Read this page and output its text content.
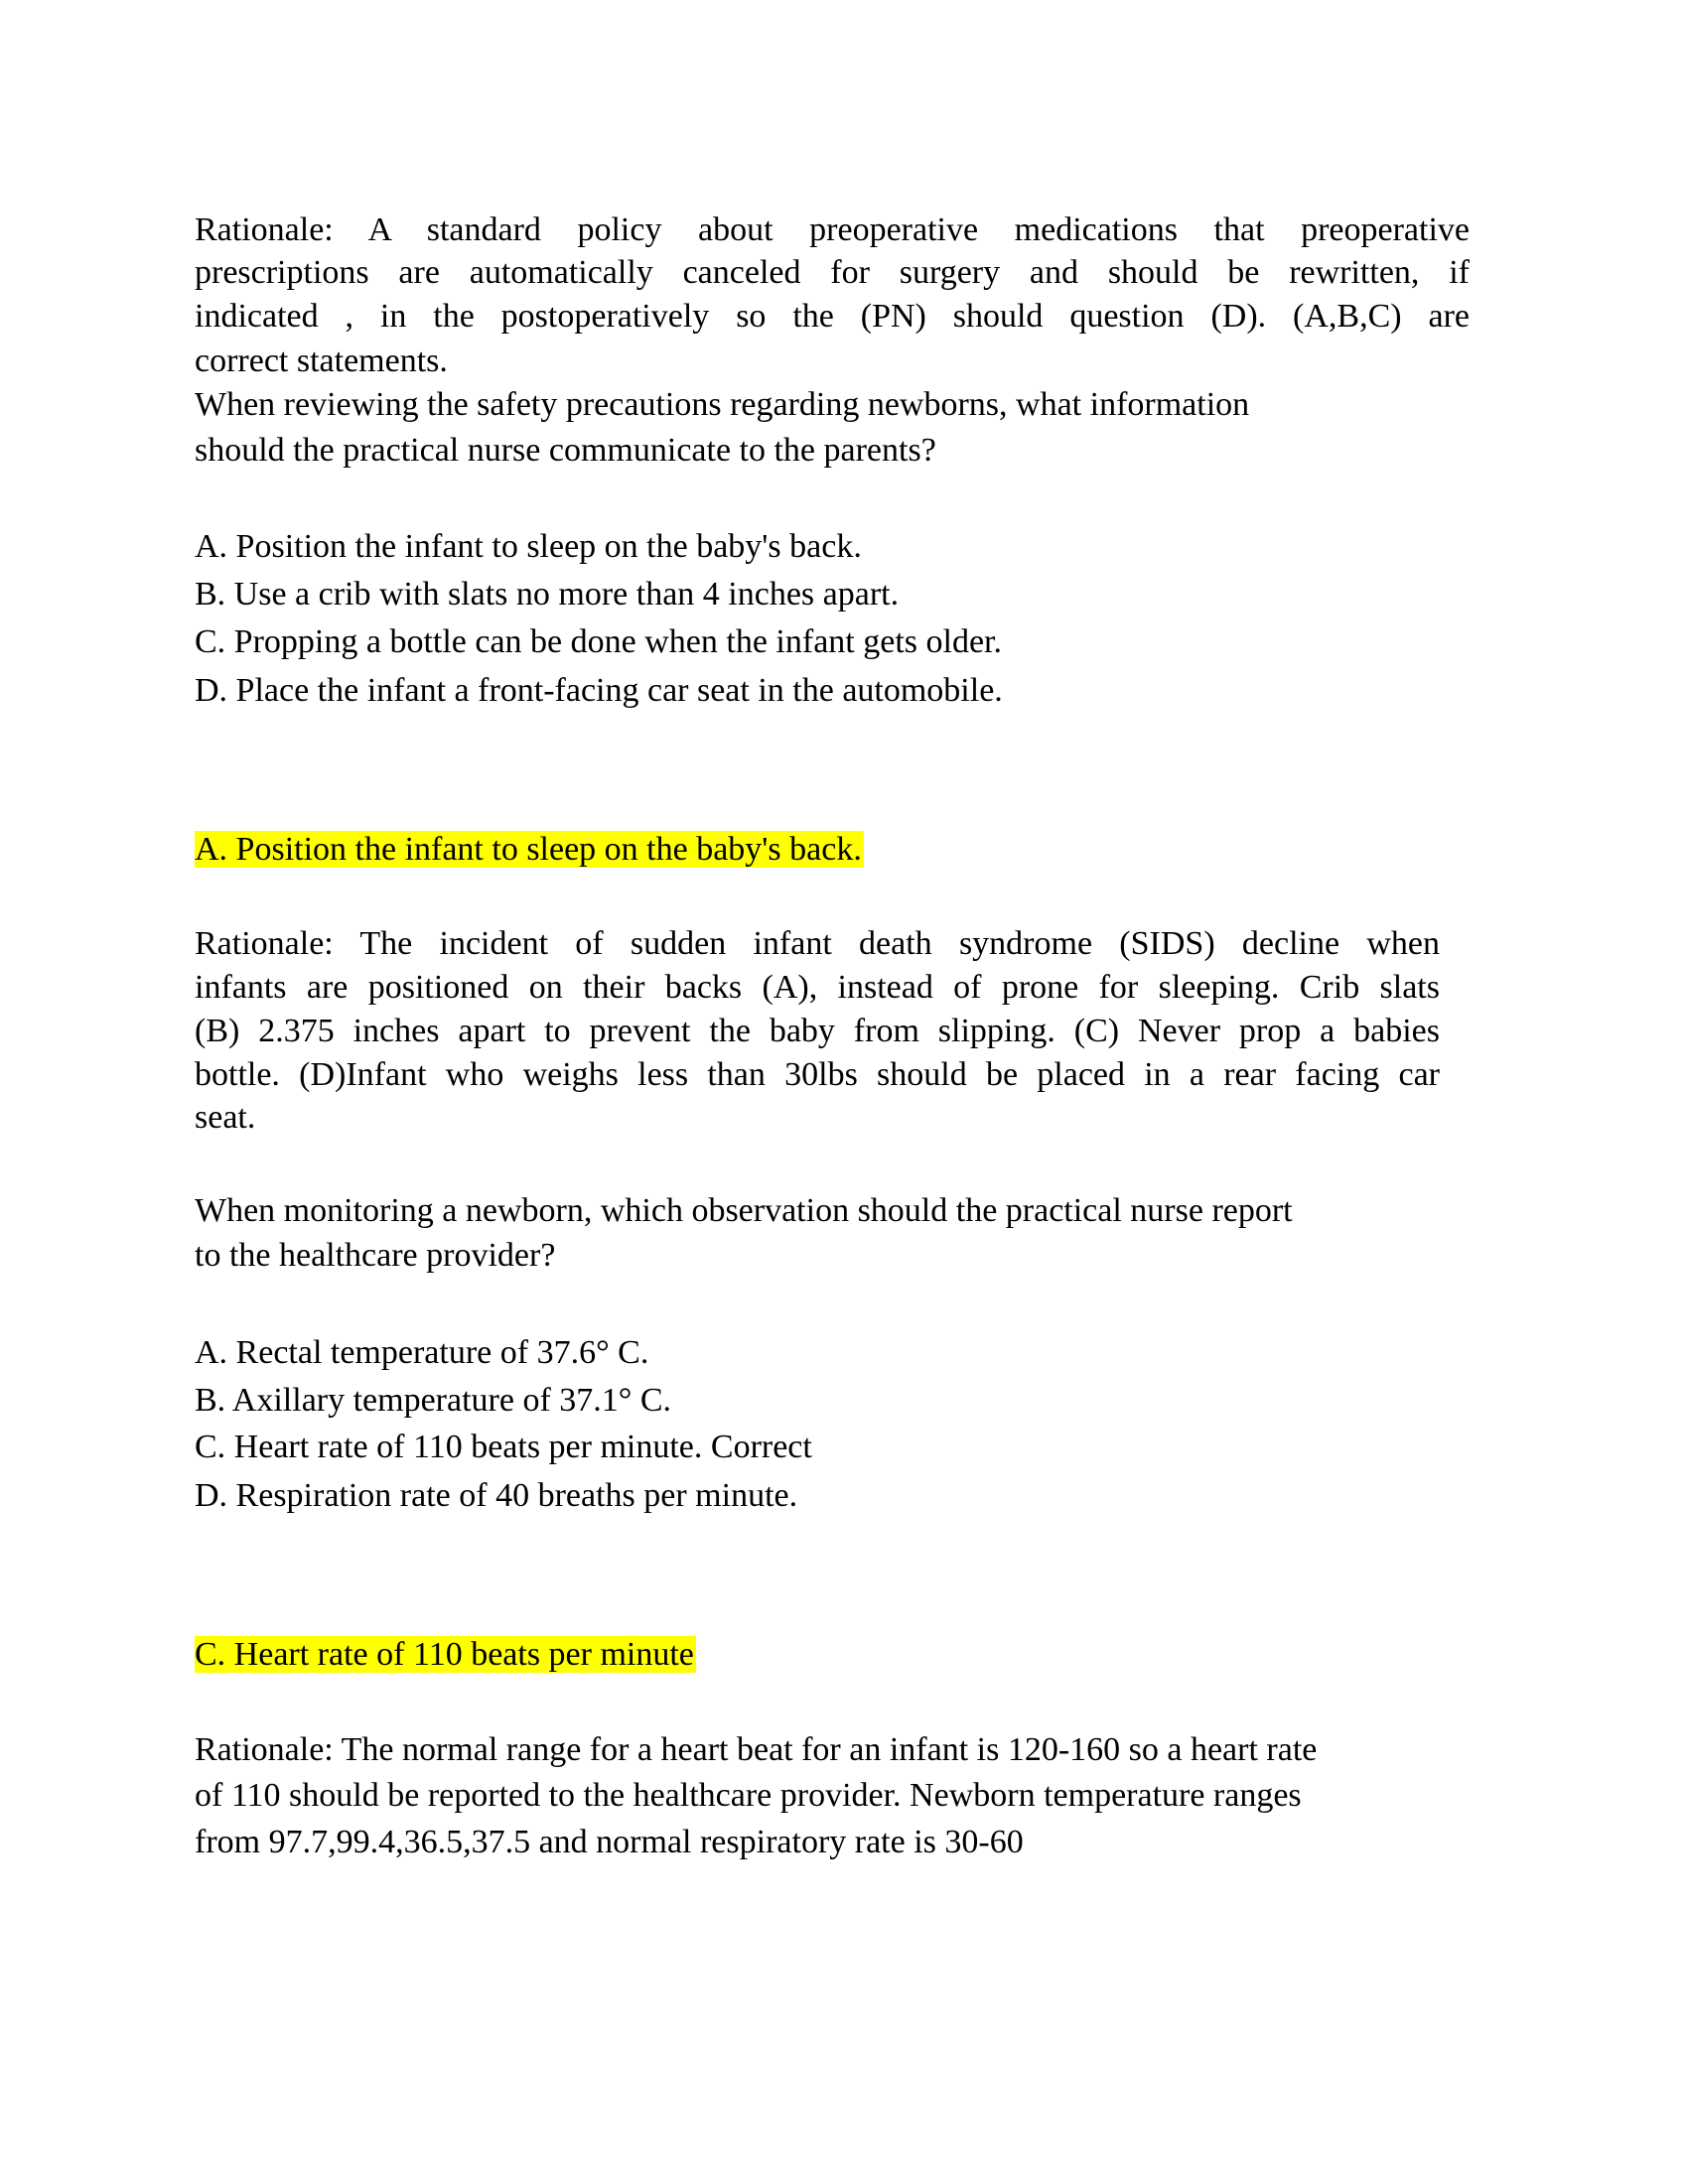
Rationale: A standard policy about preoperative medications that preoperative
prescriptions are automatically canceled for surgery and should be rewritten, if
indicated , in the postoperatively so the (PN) should question (D). (A,B,C) are
correct statements.
When reviewing the safety precautions regarding newborns, what information
should the practical nurse communicate to the parents?
A. Position the infant to sleep on the baby's back.
B. Use a crib with slats no more than 4 inches apart.
C. Propping a bottle can be done when the infant gets older.
D. Place the infant a front-facing car seat in the automobile.
A. Position the infant to sleep on the baby's back.
Rationale: The incident of sudden infant death syndrome (SIDS) decline when
infants are positioned on their backs (A), instead of prone for sleeping. Crib slats
(B) 2.375 inches apart to prevent the baby from slipping. (C) Never prop a babies
bottle. (D)Infant who weighs less than 30lbs should be placed in a rear facing car
seat.
When monitoring a newborn, which observation should the practical nurse report
to the healthcare provider?
A. Rectal temperature of 37.6° C.
B. Axillary temperature of 37.1° C.
C. Heart rate of 110 beats per minute. Correct
D. Respiration rate of 40 breaths per minute.
C. Heart rate of 110 beats per minute
Rationale: The normal range for a heart beat for an infant is 120-160 so a heart rate
of 110 should be reported to the healthcare provider. Newborn temperature ranges
from 97.7,99.4,36.5,37.5 and normal respiratory rate is 30-60
